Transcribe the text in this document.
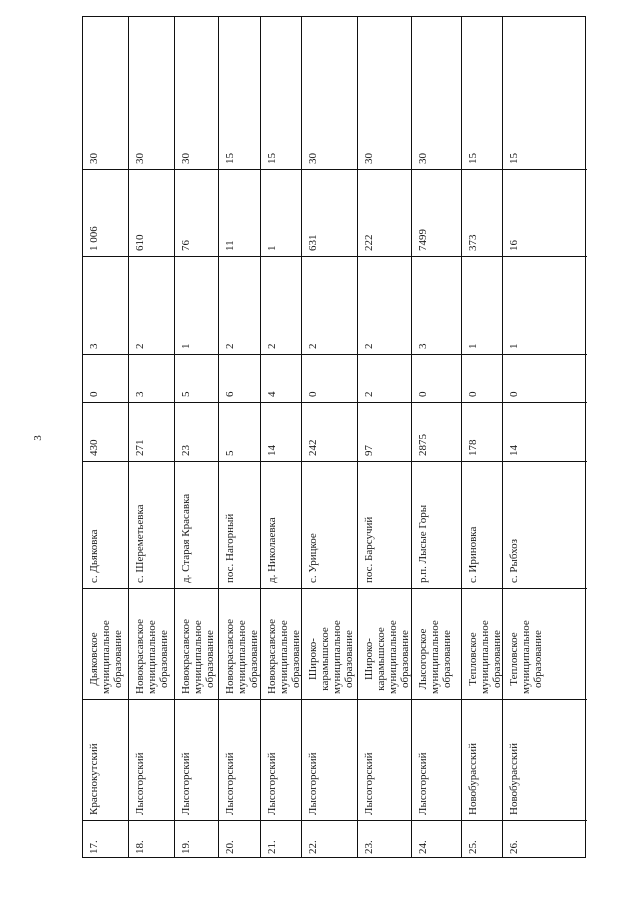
3
30
1 006
3
0
430
с. Дьяковка
Дьяковское муниципальное образование
Краснокутский
17.
30
610
2
3
271
с. Шереметьевка
Новокрасавское муниципальное образование
Лысогорский
18.
30
76
1
5
23
д. Старая Красавка
Новокрасавское муниципальное образование
Лысогорский
19.
15
11
2
6
5
пос. Нагорный
Новокрасавское муниципальное образование
Лысогорский
20.
15
1
2
4
14
д. Николаевка
Новокрасавское муниципальное образование
Лысогорский
21.
30
631
2
0
242
с. Урицкое
Широко-карамышское муниципальное образование
Лысогорский
22.
30
222
2
2
97
пос. Барсучий
Широко-карамышское муниципальное образование
Лысогорский
23.
30
7499
3
0
2875
р.п. Лысые Горы
Лысогорское муниципальное образование
Лысогорский
24.
15
373
1
0
178
с. Ириновка
Тепловское муниципальное образование
Новобурасский
25.
15
16
1
0
14
с. Рыбхоз
Тепловское муниципальное образование
Новобурасский
26.
